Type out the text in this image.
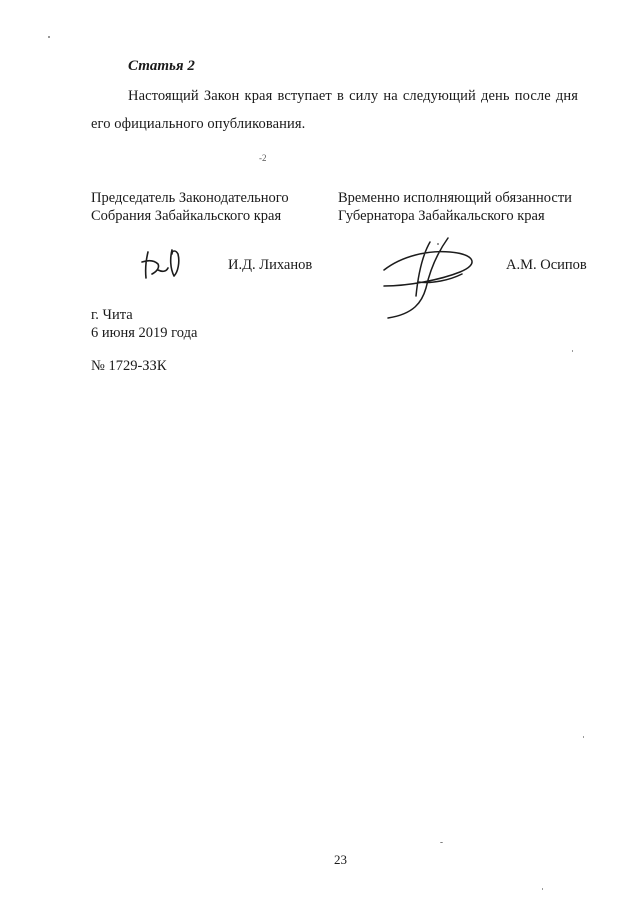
Статья 2
Настоящий Закон края вступает в силу на следующий день после дня
его официального опубликования.
-2
Председатель Законодательного
Собрания Забайкальского края
И.Д. Лиханов
Временно исполняющий обязанности
Губернатора Забайкальского края
А.М. Осипов
г. Чита
6 июня 2019 года
№ 1729-ЗЗК
23
